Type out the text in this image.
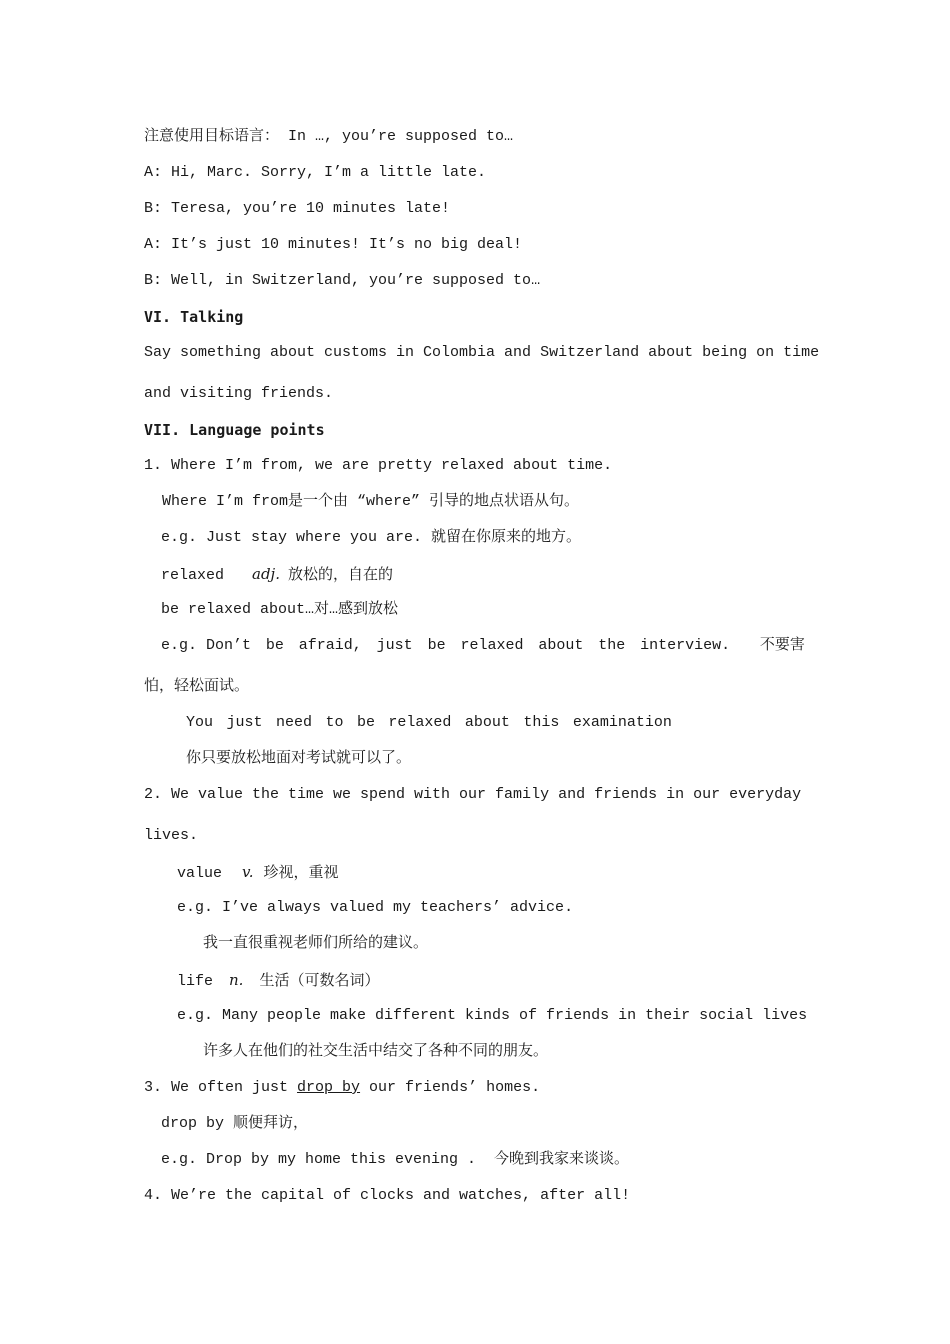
注意使用目标语言： In …, you’re supposed to…
A: Hi, Marc. Sorry, I’m a little late.
B: Teresa, you’re 10 minutes late!
A: It’s just 10 minutes! It’s no big deal!
B: Well, in Switzerland, you’re supposed to…
VI. Talking
Say something about customs in Colombia and Switzerland about being on time
and visiting friends.
VII. Language points
1. Where I’m from, we are pretty relaxed about time.
Where I’m from是一个由 “where” 引导的地点状语从句。
e.g. Just stay where you are. 就留在你原来的地方。
relaxed adj. 放松的，自在的
be relaxed about…对…感到放松
e.g. Don’t be afraid, just be relaxed about the interview. 不要害
怕，轻松面试。
You just need to be relaxed about this examination
你只要放松地面对考试就可以了。
2. We value the time we spend with our family and friends in our everyday
lives.
value v. 珍视，重视
e.g. I’ve always valued my teachers’ advice.
我一直很重视老师们所给的建议。
life n. 生活（可数名词）
e.g. Many people make different kinds of friends in their social lives
许多人在他们的社交生活中结交了各种不同的朋友。
3. We often just drop by our friends’ homes.
drop by 顺便拜访，
e.g. Drop by my home this evening .  今晚到我家来谈谈。
4. We’re the capital of clocks and watches, after all!
